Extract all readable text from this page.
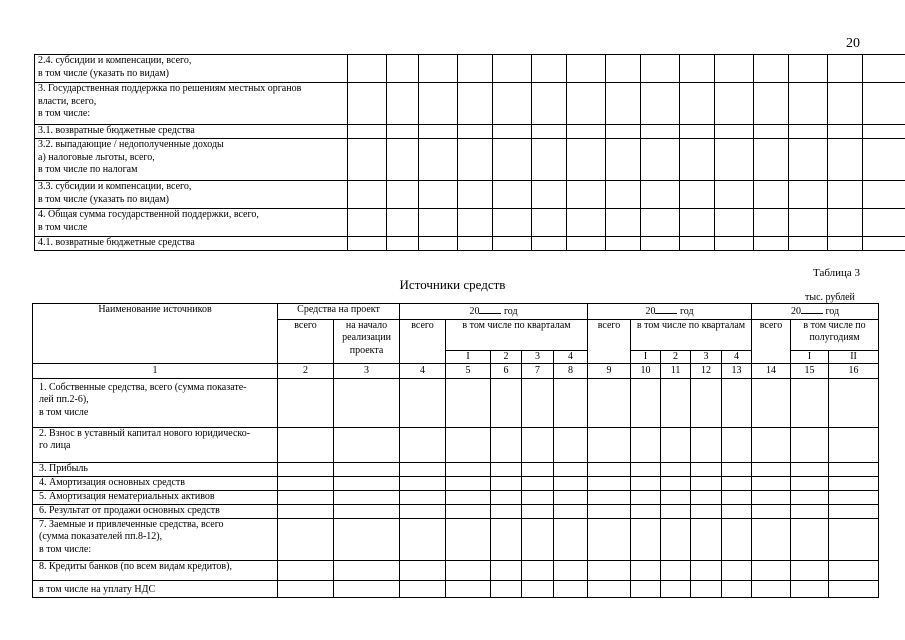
20
2.4. субсидии и компенсации, всего,
в том числе (указать по видам)															
3. Государственная поддержка по решениям местных органов
власти, всего,
в том числе:															
3.1. возвратные бюджетные средства															
3.2. выпадающие / недополученные доходы
а) налоговые льготы, всего,
в том числе по налогам															
3.3. субсидии и компенсации, всего,
в том числе (указать по видам)															
4. Общая сумма государственной поддержки, всего,
в том числе															
4.1. возвратные бюджетные средства															
Источники средств
Таблица 3
тыс. рублей
Наименование источников	Средства на проект		20 год					20 год					20 год		
	всего	на начало реализации проекта	всего	в том числе по кварталам				всего	в том числе по кварталам				всего	в том числе по полугодиям	
				I	2	3	4		I	2	3	4		I	II
1	2	3	4	5	6	7	8	9	10	11	12	13	14	15	16
1. Собственные средства, всего (сумма показате-
лей пп.2-6),
в том числе															
2. Взнос в уставный капитал нового юридическо-
го лица															
3. Прибыль															
4. Амортизация основных средств															
5. Амортизация нематериальных активов															
6. Результат от продажи основных средств															
7. Заемные и привлеченные средства, всего
(сумма показателей пп.8-12),
в том числе:															
8. Кредиты банков (по всем видам кредитов),															
в том числе на уплату НДС															
